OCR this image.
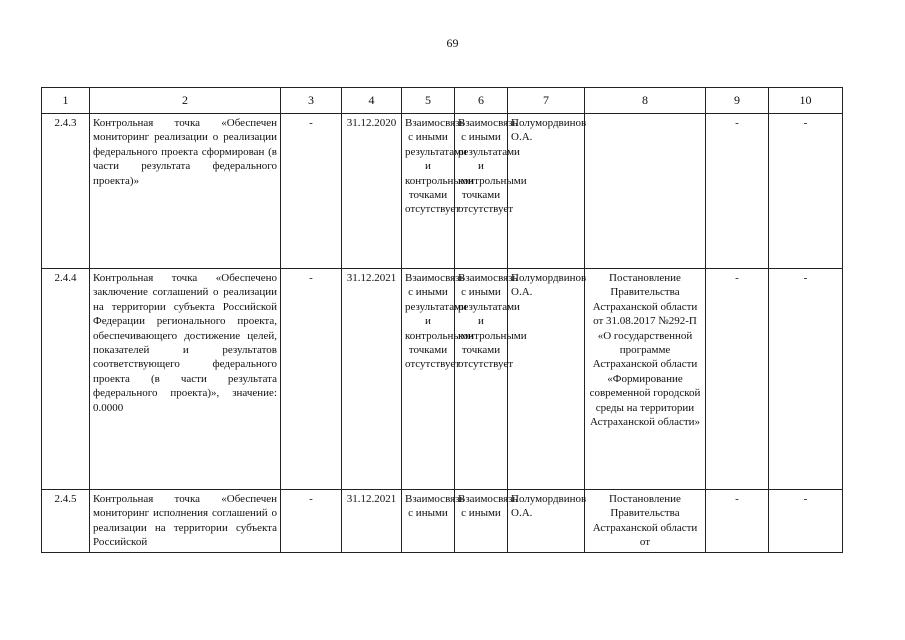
69
1	2	3	4	5	6	7	8	9	10
2.4.3	Контрольная точка «Обеспечен мониторинг реализации о реализации федерального проекта сформирован (в части результата федерального проекта)»	-	31.12.2020	Взаимосвязь с иными результатами и контрольными точками отсутствует	Взаимосвязь с иными результатами и контрольными точками отсутствует	Полумордвинов О.А.		-	-
2.4.4	Контрольная точка «Обеспечено заключение соглашений о реализации на территории субъекта Российской Федерации регионального проекта, обеспечивающего достижение целей, показателей и результатов соответствующего федерального проекта (в части результата федерального проекта)», значение: 0.0000	-	31.12.2021	Взаимосвязь с иными результатами и контрольными точками отсутствует	Взаимосвязь с иными результатами и контрольными точками отсутствует	Полумордвинов О.А.	Постановление Правительства Астраханской области от 31.08.2017 №292-П «О государственной программе Астраханской области «Формирование современной городской среды на территории Астраханской области»	-	-
2.4.5	Контрольная точка «Обеспечен мониторинг исполнения соглашений о реализации на территории субъекта Российской	-	31.12.2021	Взаимосвязь с иными	Взаимосвязь с иными	Полумордвинов О.А.	Постановление Правительства Астраханской области от	-	-
